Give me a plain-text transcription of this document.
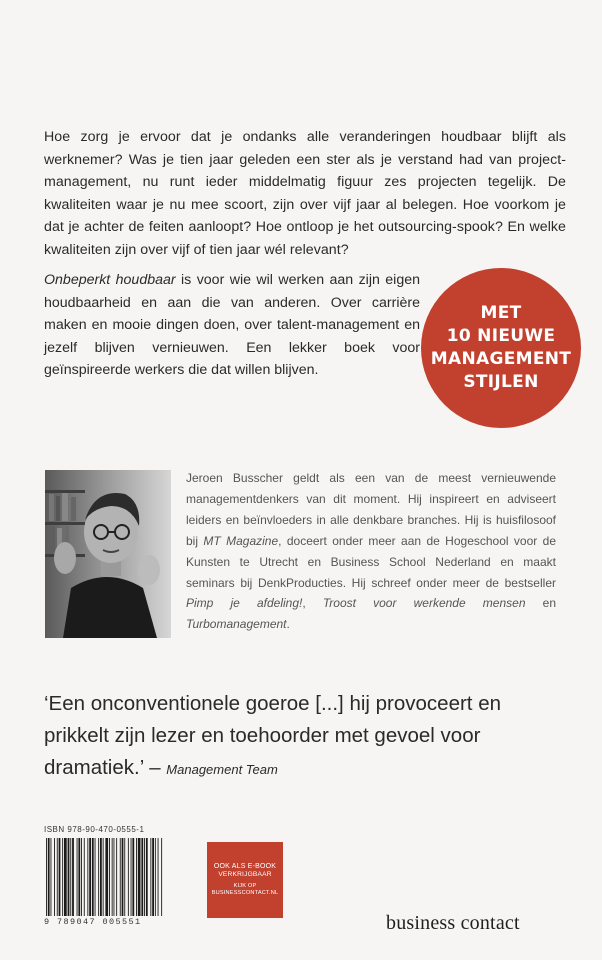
Hoe zorg je ervoor dat je ondanks alle veranderingen houdbaar blijft als werknemer? Was je tien jaar geleden een ster als je verstand had van project-management, nu runt ieder middelmatig figuur zes projecten tegelijk. De kwaliteiten waar je nu mee scoort, zijn over vijf jaar al belegen. Hoe voorkom je dat je achter de feiten aanloopt? Hoe ontloop je het outsourcing-spook? En welke kwaliteiten zijn over vijf of tien jaar wél relevant?

Onbeperkt houdbaar is voor wie wil werken aan zijn eigen houdbaarheid en aan die van anderen. Over carrière maken en mooie dingen doen, over talent-management en jezelf blijven vernieuwen. Een lekker boek voor geïnspireerde werkers die dat willen blijven.

MET
10 NIEUWE
MANAGEMENT
STIJLEN

Jeroen Busscher geldt als een van de meest vernieuwende managementdenkers van dit moment. Hij inspireert en adviseert leiders en beïnvloeders in alle denkbare branches. Hij is huisfilosoof bij MT Magazine, doceert onder meer aan de Hogeschool voor de Kunsten te Utrecht en Business School Nederland en maakt seminars bij DenkProducties. Hij schreef onder meer de bestseller Pimp je afdeling!, Troost voor werkende mensen en Turbomanagement.

‘Een onconventionele goeroe [...] hij provoceert en prikkelt zijn lezer en toehoorder met gevoel voor dramatiek.’ – Management Team

ISBN 978-90-470-0555-1
9 789047 005551
OOK ALS E-BOOK
VERKRIJGBAAR
KIJK OP
BUSINESSCONTACT.NL
business contact
